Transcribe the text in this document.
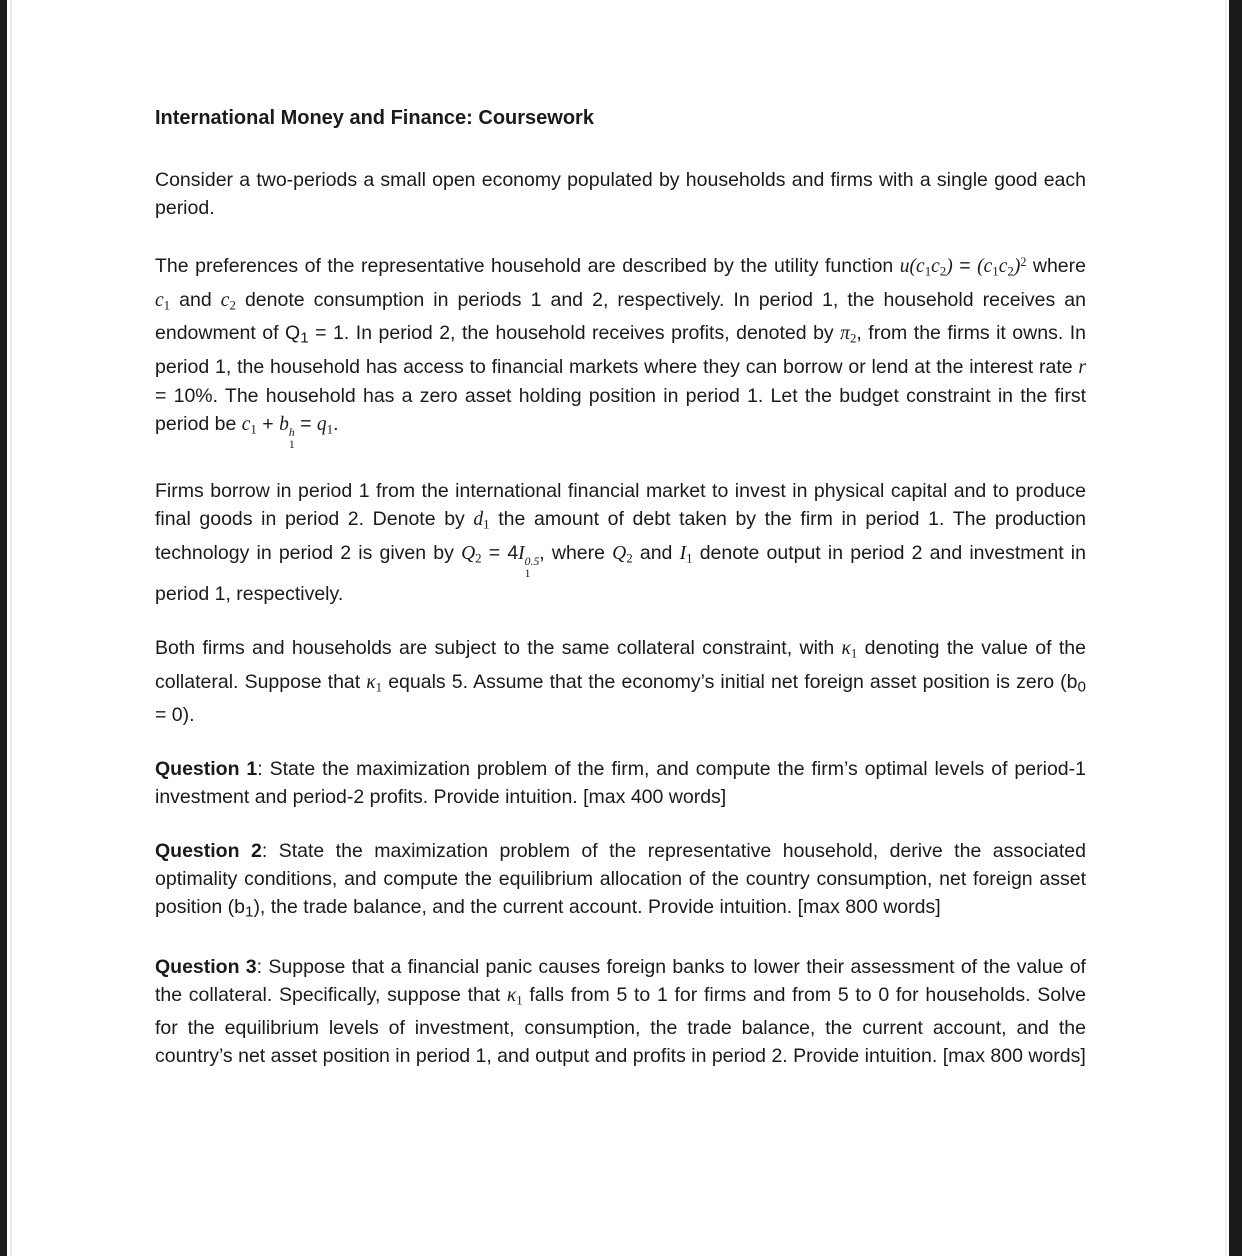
International Money and Finance: Coursework

Consider a two-periods a small open economy populated by households and firms with a single good each period.

The preferences of the representative household are described by the utility function $u(c1c2) = (c1c2)^2$ where c1 and c2 denote consumption in periods 1 and 2, respectively. In period 1, the household receives an endowment of Q1 = 1. In period 2, the household receives profits, denoted by π2, from the firms it owns. In period 1, the household has access to financial markets where they can borrow or lend at the interest rate r = 10%. The household has a zero asset holding position in period 1. Let the budget constraint in the first period be c1 + b h
1
= q1.

Firms borrow in period 1 from the international financial market to invest in physical capital and to produce final goods in period 2. Denote by d1 the amount of debt taken by the firm in period 1. The production technology in period 2 is given by Q2 = 4I 0.5
1
, where Q2 and I1 denote output in period 2 and investment in period 1, respectively.

Both firms and households are subject to the same collateral constraint, with κ1 denoting the value of the collateral. Suppose that κ1 equals 5. Assume that the economy’s initial net foreign asset position is zero (b0 = 0).

Question 1: State the maximization problem of the firm, and compute the firm’s optimal levels of period-1 investment and period-2 profits. Provide intuition. [max 400 words]

Question 2: State the maximization problem of the representative household, derive the associated optimality conditions, and compute the equilibrium allocation of the country consumption, net foreign asset position (b1), the trade balance, and the current account. Provide intuition. [max 800 words]

Question 3: Suppose that a financial panic causes foreign banks to lower their assessment of the value of the collateral. Specifically, suppose that κ1 falls from 5 to 1 for firms and from 5 to 0 for households. Solve for the equilibrium levels of investment, consumption, the trade balance, the current account, and the country’s net asset position in period 1, and output and profits in period 2. Provide intuition. [max 800 words]
